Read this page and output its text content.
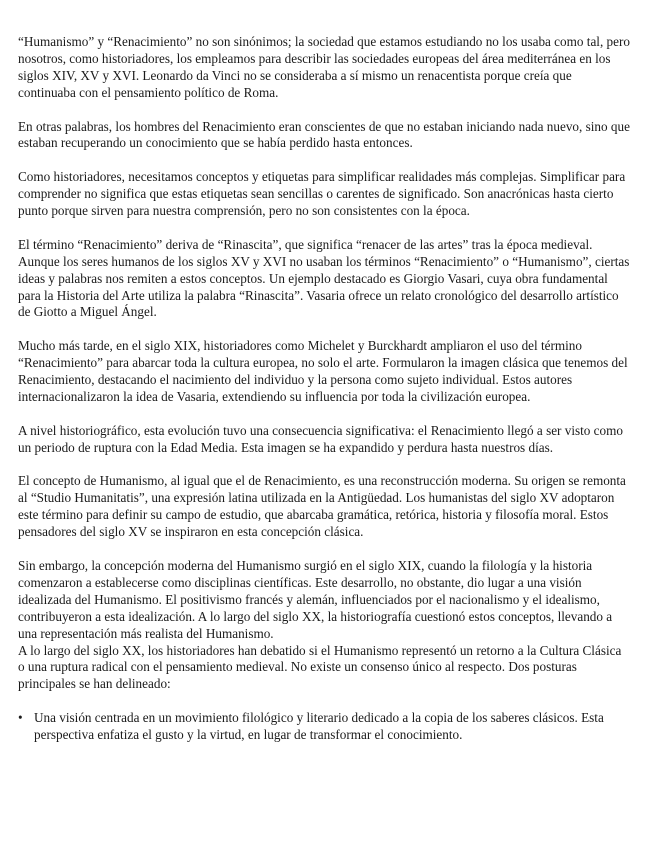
“Humanismo” y “Renacimiento” no son sinónimos; la sociedad que estamos estudiando no los usaba como tal, pero nosotros, como historiadores, los empleamos para describir las sociedades europeas del área mediterránea en los siglos XIV, XV y XVI. Leonardo da Vinci no se consideraba a sí mismo un renacentista porque creía que continuaba con el pensamiento político de Roma.

En otras palabras, los hombres del Renacimiento eran conscientes de que no estaban iniciando nada nuevo, sino que estaban recuperando un conocimiento que se había perdido hasta entonces.

Como historiadores, necesitamos conceptos y etiquetas para simplificar realidades más complejas. Simplificar para comprender no significa que estas etiquetas sean sencillas o carentes de significado. Son anacrónicas hasta cierto punto porque sirven para nuestra comprensión, pero no son consistentes con la época.

El término “Renacimiento” deriva de “Rinascita”, que significa “renacer de las artes” tras la época medieval. Aunque los seres humanos de los siglos XV y XVI no usaban los términos “Renacimiento” o “Humanismo”, ciertas ideas y palabras nos remiten a estos conceptos. Un ejemplo destacado es Giorgio Vasari, cuya obra fundamental para la Historia del Arte utiliza la palabra “Rinascita”. Vasaria ofrece un relato cronológico del desarrollo artístico de Giotto a Miguel Ángel.

Mucho más tarde, en el siglo XIX, historiadores como Michelet y Burckhardt ampliaron el uso del término “Renacimiento” para abarcar toda la cultura europea, no solo el arte. Formularon la imagen clásica que tenemos del Renacimiento, destacando el nacimiento del individuo y la persona como sujeto individual. Estos autores internacionalizaron la idea de Vasaria, extendiendo su influencia por toda la civilización europea.

A nivel historiográfico, esta evolución tuvo una consecuencia significativa: el Renacimiento llegó a ser visto como un periodo de ruptura con la Edad Media. Esta imagen se ha expandido y perdura hasta nuestros días.

El concepto de Humanismo, al igual que el de Renacimiento, es una reconstrucción moderna. Su origen se remonta al “Studio Humanitatis”, una expresión latina utilizada en la Antigüedad. Los humanistas del siglo XV adoptaron este término para definir su campo de estudio, que abarcaba gramática, retórica, historia y filosofía moral. Estos pensadores del siglo XV se inspiraron en esta concepción clásica.

Sin embargo, la concepción moderna del Humanismo surgió en el siglo XIX, cuando la filología y la historia comenzaron a establecerse como disciplinas científicas. Este desarrollo, no obstante, dio lugar a una visión idealizada del Humanismo. El positivismo francés y alemán, influenciados por el nacionalismo y el idealismo, contribuyeron a esta idealización. A lo largo del siglo XX, la historiografía cuestionó estos conceptos, llevando a una representación más realista del Humanismo.

A lo largo del siglo XX, los historiadores han debatido si el Humanismo representó un retorno a la Cultura Clásica o una ruptura radical con el pensamiento medieval. No existe un consenso único al respecto. Dos posturas principales se han delineado:

• Una visión centrada en un movimiento filológico y literario dedicado a la copia de los saberes clásicos. Esta perspectiva enfatiza el gusto y la virtud, en lugar de transformar el conocimiento.
